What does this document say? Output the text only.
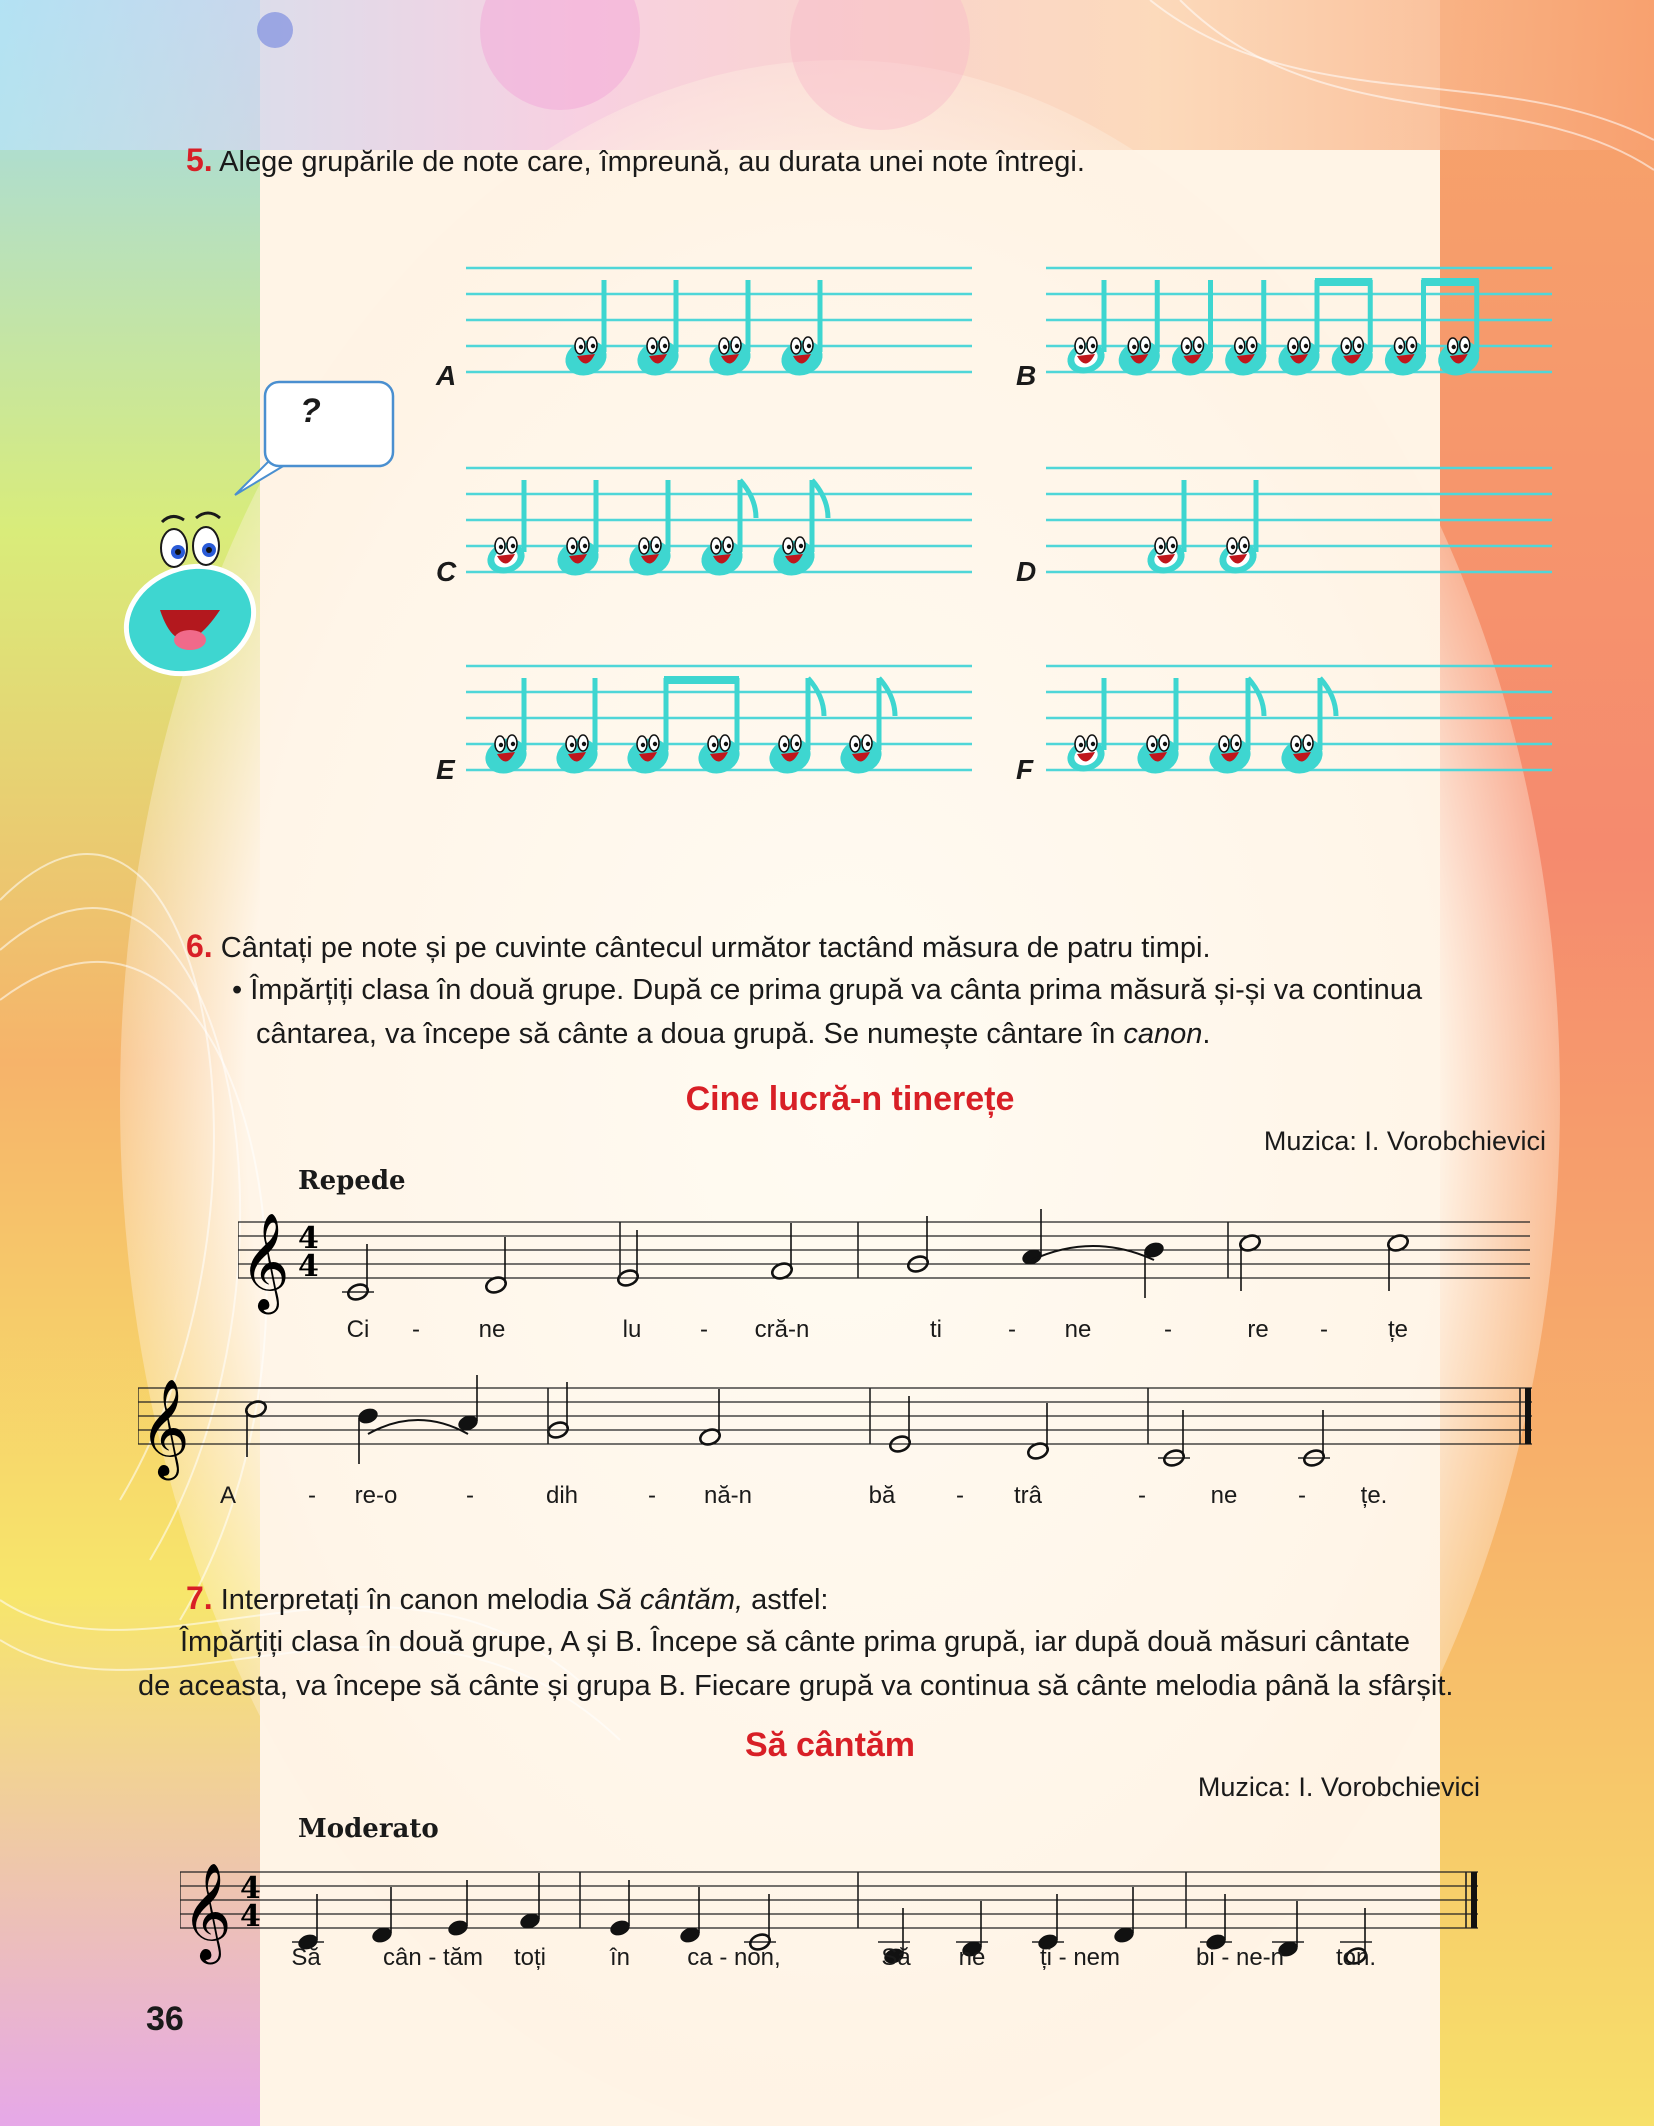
5. Alege grupările de note care, împreună, au durata unei note întregi.
?
A	B
C	D
E	F
6. Cântați pe note și pe cuvinte cântecul următor tactând măsura de patru timpi.
• Împărțiți clasa în două grupe. După ce prima grupă va cânta prima măsură și-și va continua
cântarea, va începe să cânte a doua grupă. Se numește cântare în canon.
Cine lucră-n tinerețe
Muzica: I. Vorobchievici
Repede
𝄞 4
4
Ci - ne	lu - cră-n	ti	- ne	-	re - țe
𝄞
A	- re-o	-	dih	- nă-n	bă	- trâ	-	ne	- țe.
7. Interpretați în canon melodia Să cântăm, astfel:
Împărțiți clasa în două grupe, A și B. Începe să cânte prima grupă, iar după două măsuri cântate
de aceasta, va începe să cânte și grupa B. Fiecare grupă va continua să cânte melodia până la sfârșit.
Să cântăm
Muzica: I. Vorobchievici
Moderato
𝄞 4
4
Să	cân - tăm toți	în ca - non,	Să ne ți - nem	bi - ne-n ton.
36
